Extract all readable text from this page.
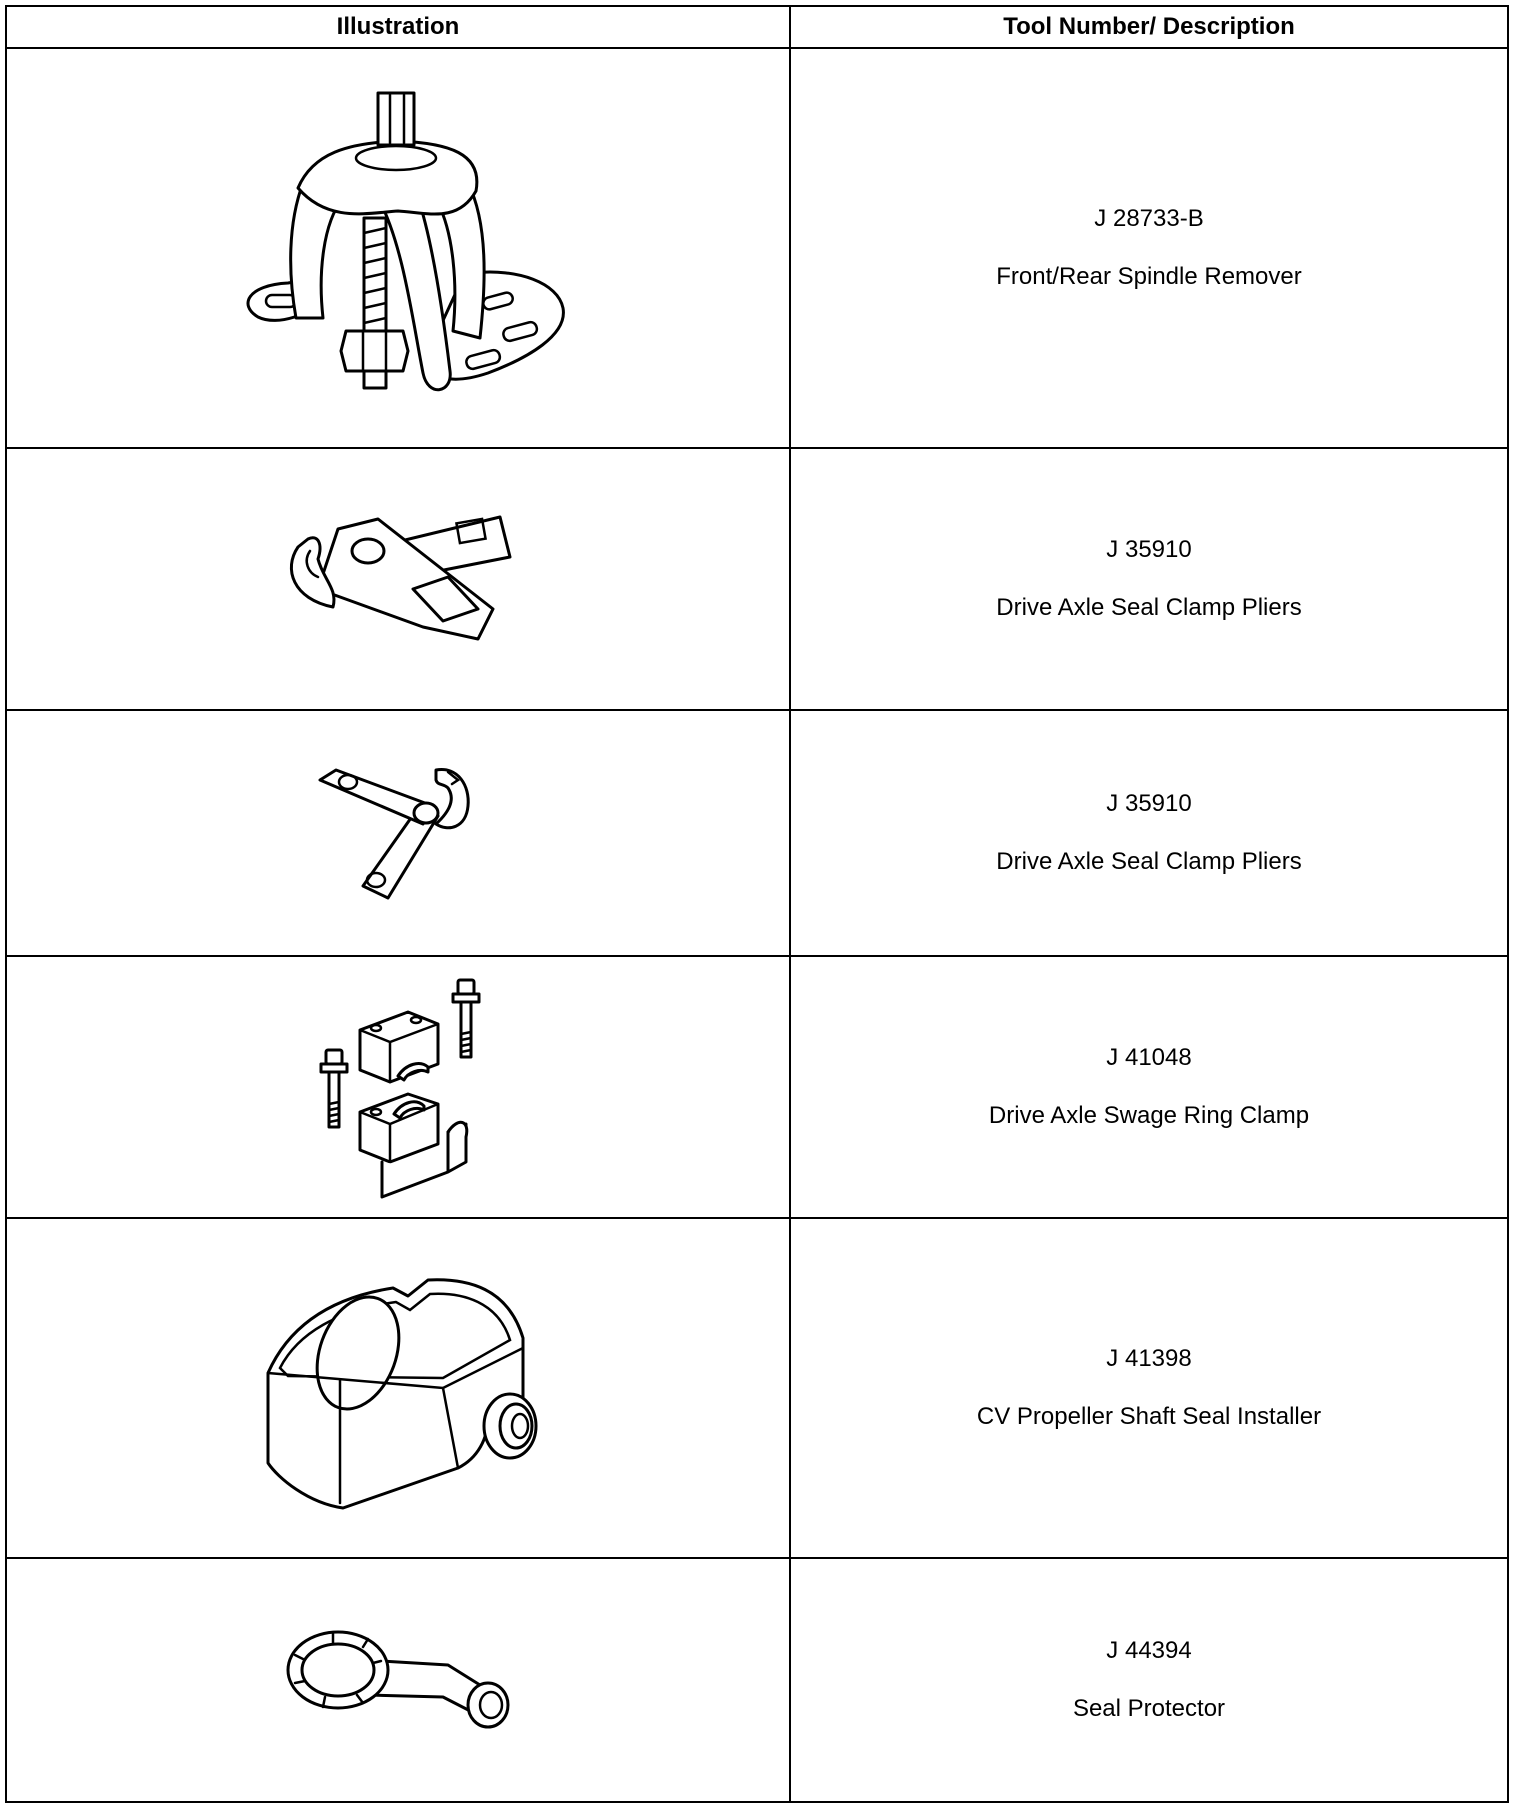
Illustration	Tool Number/ Description

J 28733-B
Front/Rear Spindle Remover

J 35910
Drive Axle Seal Clamp Pliers

J 35910
Drive Axle Seal Clamp Pliers

J 41048
Drive Axle Swage Ring Clamp

J 41398
CV Propeller Shaft Seal Installer

J 44394
Seal Protector
